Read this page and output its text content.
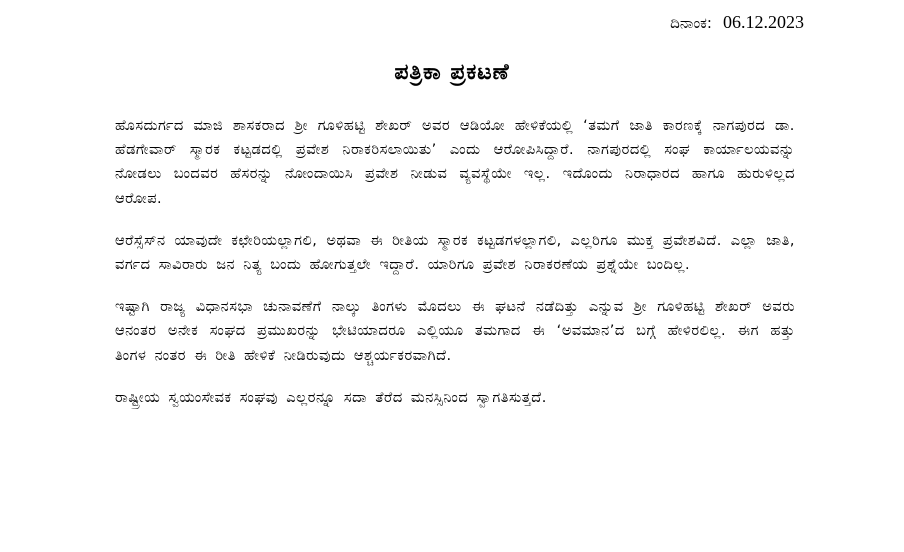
ದಿನಾಂಕ: 06.12.2023
ಪತ್ರಿಕಾ ಪ್ರಕಟಣೆ

ಹೊಸದುರ್ಗದ ಮಾಜಿ ಶಾಸಕರಾದ ಶ್ರೀ ಗೂಳಿಹಟ್ಟಿ ಶೇಖರ್ ಅವರ ಆಡಿಯೋ ಹೇಳಿಕೆಯಲ್ಲಿ ‘ತಮಗೆ ಜಾತಿ ಕಾರಣಕ್ಕೆ ನಾಗಪುರದ ಡಾ. ಹೆಡಗೇವಾರ್ ಸ್ಮಾರಕ ಕಟ್ಟಡದಲ್ಲಿ ಪ್ರವೇಶ ನಿರಾಕರಿಸಲಾಯಿತು’ ಎಂದು ಆರೋಪಿಸಿದ್ದಾರೆ. ನಾಗಪುರದಲ್ಲಿ ಸಂಘ ಕಾರ್ಯಾಲಯವನ್ನು ನೋಡಲು ಬಂದವರ ಹೆಸರನ್ನು ನೋಂದಾಯಿಸಿ ಪ್ರವೇಶ ನೀಡುವ ವ್ಯವಸ್ಥೆಯೇ ಇಲ್ಲ. ಇದೊಂದು ನಿರಾಧಾರದ ಹಾಗೂ ಹುರುಳಿಲ್ಲದ ಆರೋಪ.

ಆರೆಸ್ಸೆಸ್‌ನ ಯಾವುದೇ ಕಛೇರಿಯಲ್ಲಾಗಲಿ, ಅಥವಾ ಈ ರೀತಿಯ ಸ್ಮಾರಕ ಕಟ್ಟಡಗಳಲ್ಲಾಗಲಿ, ಎಲ್ಲರಿಗೂ ಮುಕ್ತ ಪ್ರವೇಶವಿದೆ. ಎಲ್ಲಾ ಜಾತಿ, ವರ್ಗದ ಸಾವಿರಾರು ಜನ ನಿತ್ಯ ಬಂದು ಹೋಗುತ್ತಲೇ ಇದ್ದಾರೆ. ಯಾರಿಗೂ ಪ್ರವೇಶ ನಿರಾಕರಣೆಯ ಪ್ರಶ್ನೆಯೇ ಬಂದಿಲ್ಲ.

ಇಷ್ಟಾಗಿ ರಾಜ್ಯ ವಿಧಾನಸಭಾ ಚುನಾವಣೆಗೆ ನಾಲ್ಕು ತಿಂಗಳು ಮೊದಲು ಈ ಘಟನೆ ನಡೆದಿತ್ತು ಎನ್ನುವ ಶ್ರೀ ಗೂಳಿಹಟ್ಟಿ ಶೇಖರ್ ಅವರು ಆನಂತರ ಅನೇಕ ಸಂಘದ ಪ್ರಮುಖರನ್ನು ಭೇಟಿಯಾದರೂ ಎಲ್ಲಿಯೂ ತಮಗಾದ ಈ ‘ಅವಮಾನ’ದ ಬಗ್ಗೆ ಹೇಳಿರಲಿಲ್ಲ. ಈಗ ಹತ್ತು ತಿಂಗಳ ನಂತರ ಈ ರೀತಿ ಹೇಳಿಕೆ ನೀಡಿರುವುದು ಆಶ್ಚರ್ಯಕರವಾಗಿದೆ.

ರಾಷ್ಟ್ರೀಯ ಸ್ವಯಂಸೇವಕ ಸಂಘವು ಎಲ್ಲರನ್ನೂ ಸದಾ ತೆರೆದ ಮನಸ್ಸಿನಿಂದ ಸ್ವಾಗತಿಸುತ್ತದೆ.
